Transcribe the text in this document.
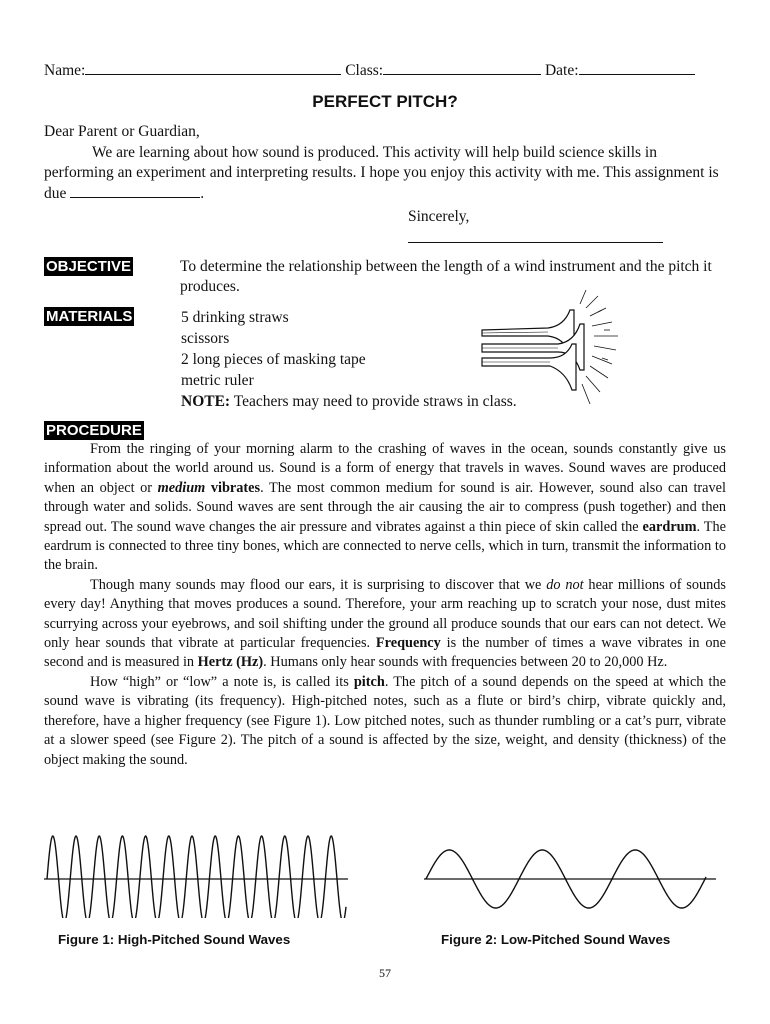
Name:	Class:	Date:
PERFECT PITCH?
Dear Parent or Guardian,
We are learning about how sound is produced. This activity will help build science skills in performing an experiment and interpreting results. I hope you enjoy this activity with me. This assignment is due	.
Sincerely,
OBJECTIVE	To determine the relationship between the length of a wind instrument and the pitch it produces.
MATERIALS	5 drinking straws
scissors
2 long pieces of masking tape
metric ruler
NOTE: Teachers may need to provide straws in class.
PROCEDURE

From the ringing of your morning alarm to the crashing of waves in the ocean, sounds constantly give us information about the world around us. Sound is a form of energy that travels in waves. Sound waves are produced when an object or medium vibrates. The most common medium for sound is air. However, sound also can travel through water and solids. Sound waves are sent through the air causing the air to compress (push together) and then spread out. The sound wave changes the air pressure and vibrates against a thin piece of skin called the eardrum. The eardrum is connected to three tiny bones, which are connected to nerve cells, which in turn, transmit the information to the brain.

Though many sounds may flood our ears, it is surprising to discover that we do not hear millions of sounds every day! Anything that moves produces a sound. Therefore, your arm reaching up to scratch your nose, dust mites scurrying across your eyebrows, and soil shifting under the ground all produce sounds that our ears can not detect. We only hear sounds that vibrate at particular frequencies. Frequency is the number of times a wave vibrates in one second and is measured in Hertz (Hz). Humans only hear sounds with frequencies between 20 to 20,000 Hz.

How “high” or “low” a note is, is called its pitch. The pitch of a sound depends on the speed at which the sound wave is vibrating (its frequency). High-pitched notes, such as a flute or bird’s chirp, vibrate quickly and, therefore, have a higher frequency (see Figure 1). Low pitched notes, such as thunder rumbling or a cat’s purr, vibrate at a slower speed (see Figure 2). The pitch of a sound is affected by the size, weight, and density (thickness) of the object making the sound.

Figure 1: High-Pitched Sound Waves	Figure 2: Low-Pitched Sound Waves
57
